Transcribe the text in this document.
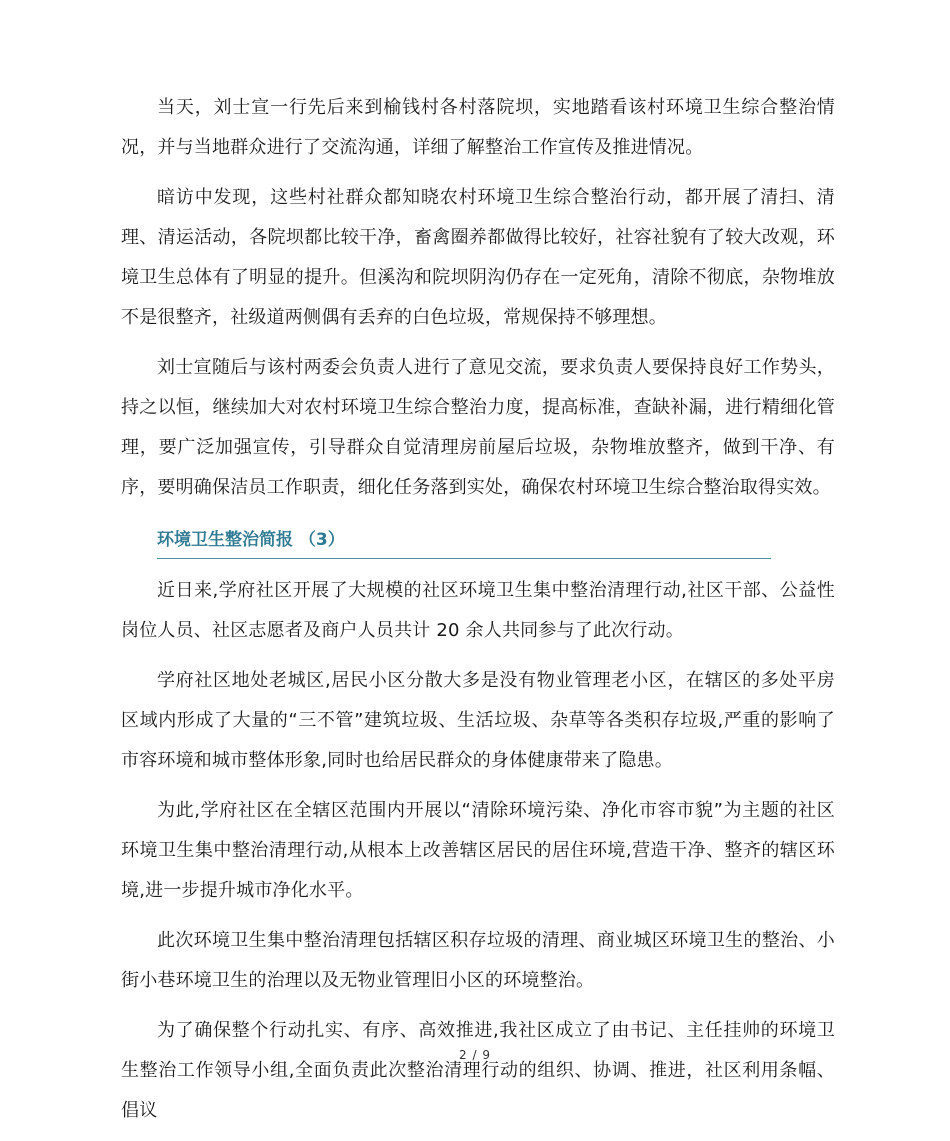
当天，刘士宣一行先后来到榆钱村各村落院坝，实地踏看该村环境卫生综合整治情况，并与当地群众进行了交流沟通，详细了解整治工作宣传及推进情况。

暗访中发现，这些村社群众都知晓农村环境卫生综合整治行动，都开展了清扫、清理、清运活动，各院坝都比较干净，畜禽圈养都做得比较好，社容社貌有了较大改观，环境卫生总体有了明显的提升。但溪沟和院坝阴沟仍存在一定死角，清除不彻底，杂物堆放不是很整齐，社级道两侧偶有丢弃的白色垃圾，常规保持不够理想。

刘士宣随后与该村两委会负责人进行了意见交流，要求负责人要保持良好工作势头，持之以恒，继续加大对农村环境卫生综合整治力度，提高标准，查缺补漏，进行精细化管理，要广泛加强宣传，引导群众自觉清理房前屋后垃圾，杂物堆放整齐，做到干净、有序，要明确保洁员工作职责，细化任务落到实处，确保农村环境卫生综合整治取得实效。

环境卫生整治简报 （3）

近日来,学府社区开展了大规模的社区环境卫生集中整治清理行动,社区干部、公益性岗位人员、社区志愿者及商户人员共计 20 余人共同参与了此次行动。

学府社区地处老城区,居民小区分散大多是没有物业管理老小区，在辖区的多处平房区域内形成了大量的“三不管”建筑垃圾、生活垃圾、杂草等各类积存垃圾,严重的影响了市容环境和城市整体形象,同时也给居民群众的身体健康带来了隐患。

为此,学府社区在全辖区范围内开展以“清除环境污染、净化市容市貌”为主题的社区环境卫生集中整治清理行动,从根本上改善辖区居民的居住环境,营造干净、整齐的辖区环境,进一步提升城市净化水平。

此次环境卫生集中整治清理包括辖区积存垃圾的清理、商业城区环境卫生的整治、小街小巷环境卫生的治理以及无物业管理旧小区的环境整治。

为了确保整个行动扎实、有序、高效推进,我社区成立了由书记、主任挂帅的环境卫生整治工作领导小组,全面负责此次整治清理行动的组织、协调、推进，社区利用条幅、倡议

2 / 9
